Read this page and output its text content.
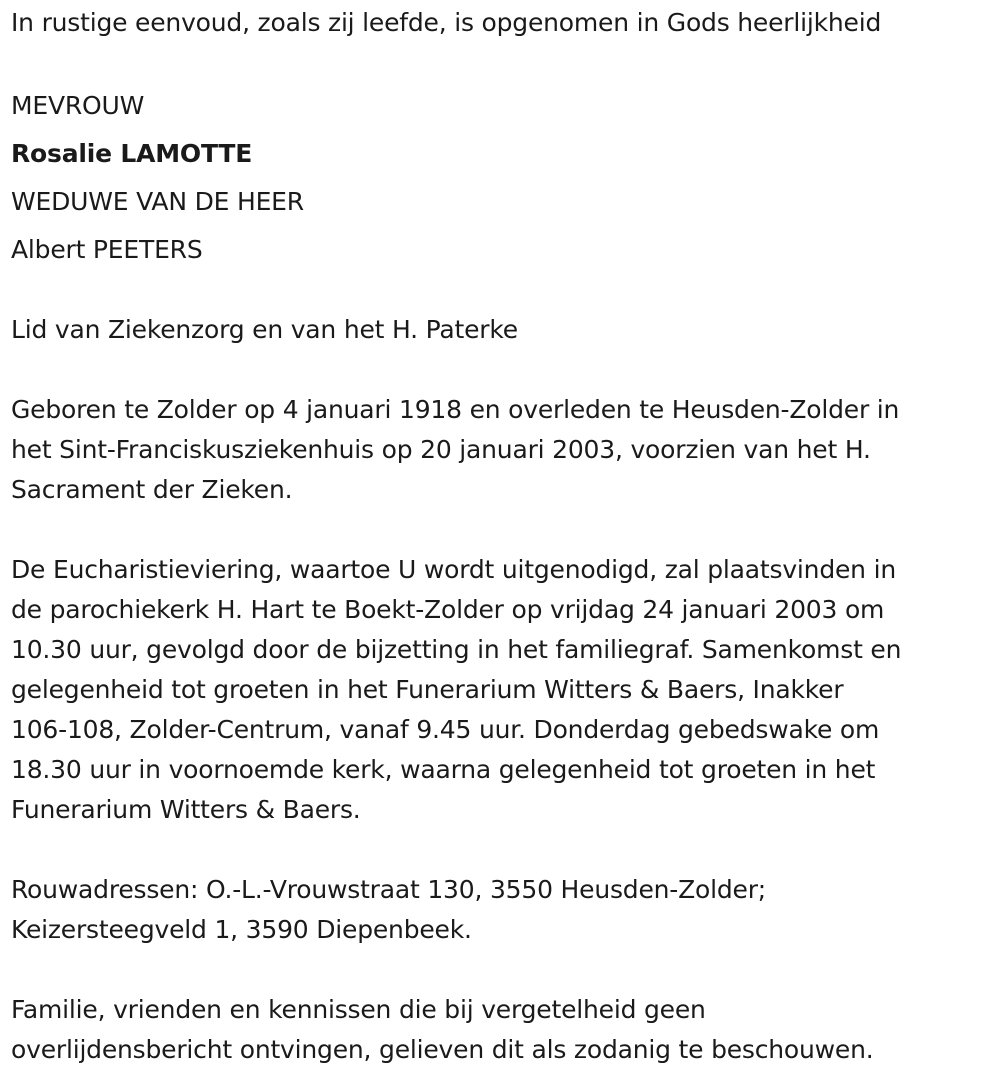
In rustige eenvoud, zoals zij leefde, is opgenomen in Gods heerlijkheid
MEVROUW
Rosalie LAMOTTE
WEDUWE VAN DE HEER
Albert PEETERS
Lid van Ziekenzorg en van het H. Paterke
Geboren te Zolder op 4 januari 1918 en overleden te Heusden-Zolder in
het Sint-Franciskusziekenhuis op 20 januari 2003, voorzien van het H.
Sacrament der Zieken.
De Eucharistieviering, waartoe U wordt uitgenodigd, zal plaatsvinden in
de parochiekerk H. Hart te Boekt-Zolder op vrijdag 24 januari 2003 om
10.30 uur, gevolgd door de bijzetting in het familiegraf. Samenkomst en
gelegenheid tot groeten in het Funerarium Witters & Baers, Inakker
106-108, Zolder-Centrum, vanaf 9.45 uur. Donderdag gebedswake om
18.30 uur in voornoemde kerk, waarna gelegenheid tot groeten in het
Funerarium Witters & Baers.
Rouwadressen: O.-L.-Vrouwstraat 130, 3550 Heusden-Zolder;
Keizersteegveld 1, 3590 Diepenbeek.
Familie, vrienden en kennissen die bij vergetelheid geen
overlijdensbericht ontvingen, gelieven dit als zodanig te beschouwen.
